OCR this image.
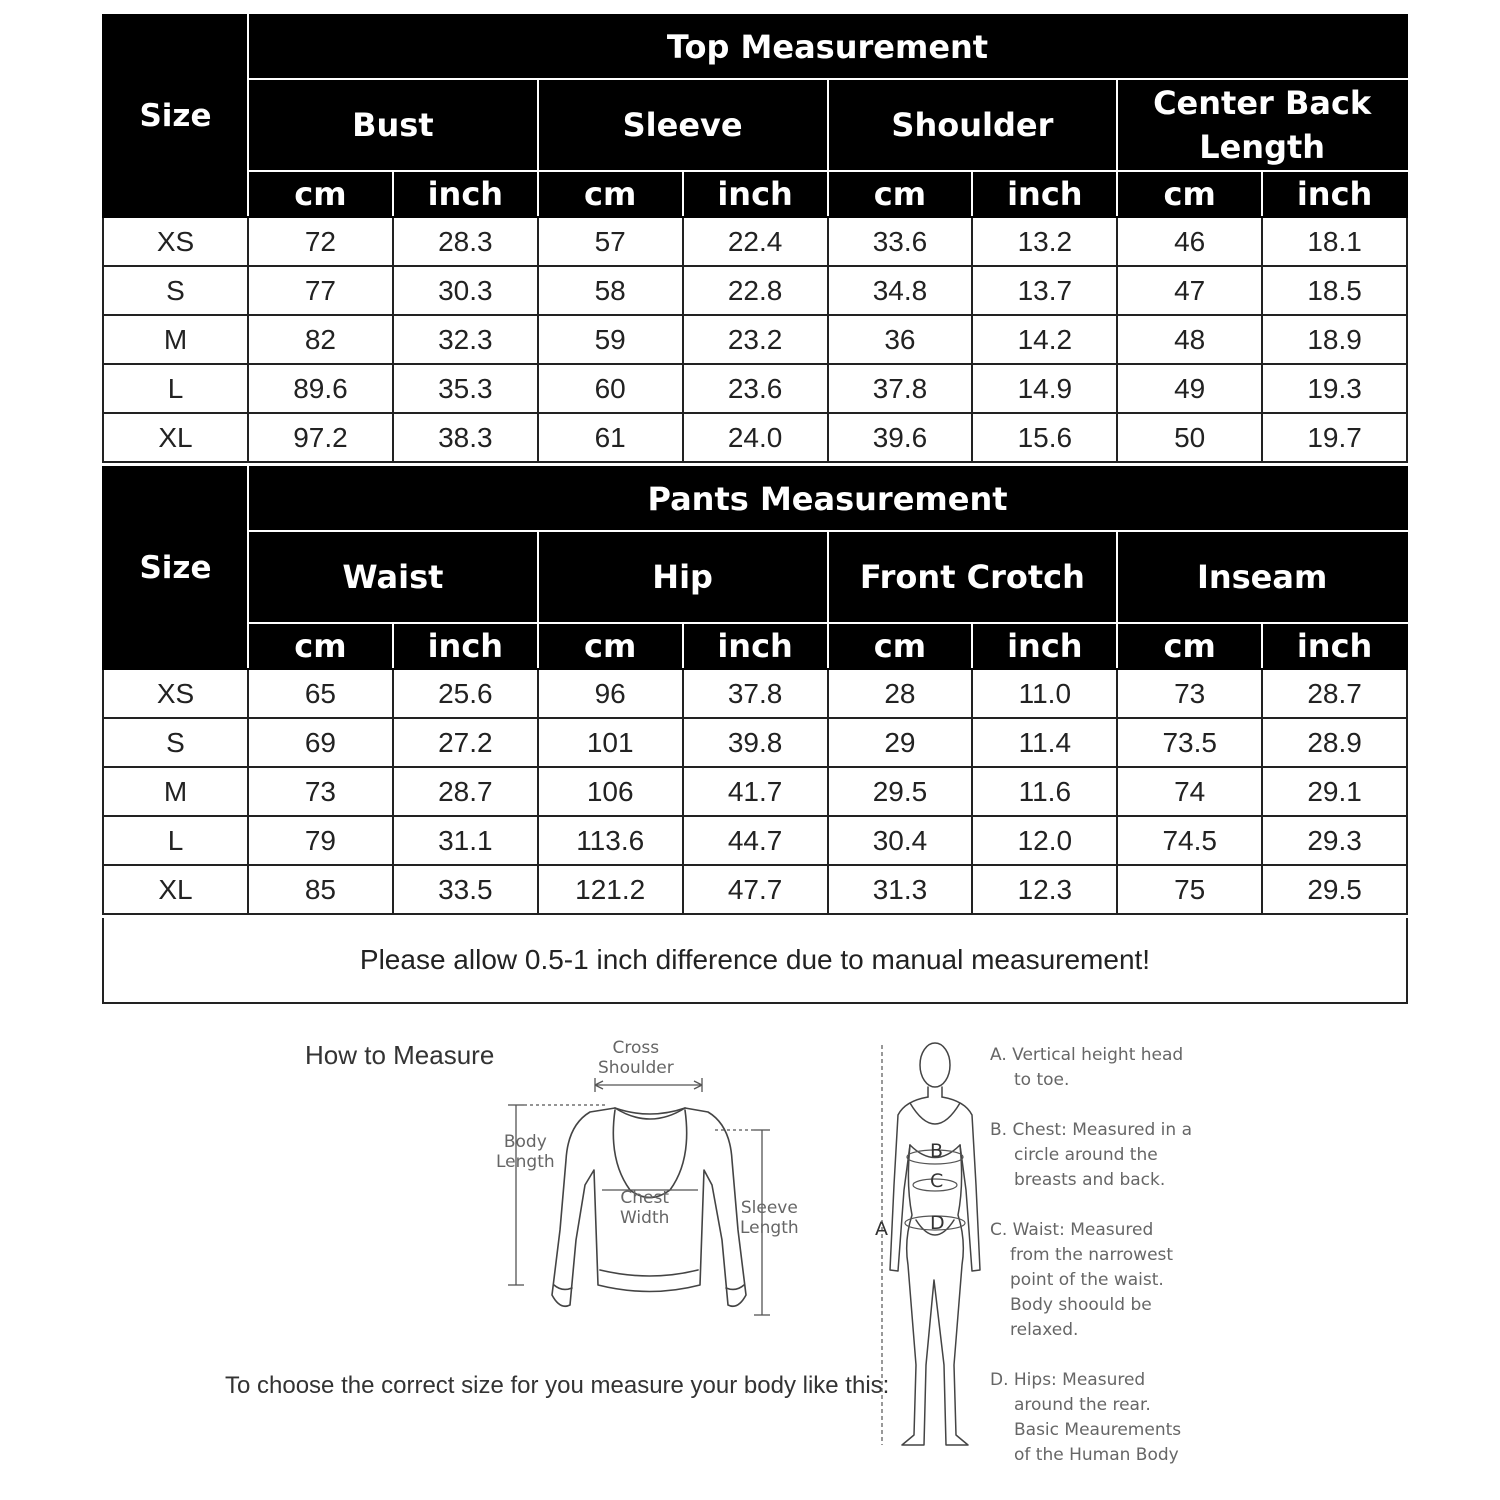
Size	Top Measurement							
	Bust		Sleeve		Shoulder		Center Back Length	
	cm	inch	cm	inch	cm	inch	cm	inch
XS	72	28.3	57	22.4	33.6	13.2	46	18.1
S	77	30.3	58	22.8	34.8	13.7	47	18.5
M	82	32.3	59	23.2	36	14.2	48	18.9
L	89.6	35.3	60	23.6	37.8	14.9	49	19.3
XL	97.2	38.3	61	24.0	39.6	15.6	50	19.7
Size	Pants Measurement							
	Waist		Hip		Front Crotch		Inseam	
	cm	inch	cm	inch	cm	inch	cm	inch
XS	65	25.6	96	37.8	28	11.0	73	28.7
S	69	27.2	101	39.8	29	11.4	73.5	28.9
M	73	28.7	106	41.7	29.5	11.6	74	29.1
L	79	31.1	113.6	44.7	30.4	12.0	74.5	29.3
XL	85	33.5	121.2	47.7	31.3	12.3	75	29.5
Please allow 0.5-1 inch difference due to manual measurement!
How to Measure	Cross
Shoulder
Body
Length
Chest
Width	Sleeve
Length
To choose the correct size for you measure your body like this:
A
B
C
D
A. Vertical height head
to toe.
B. Chest: Measured in a
circle around the
breasts and back.
C. Waist: Measured
from the narrowest
point of the waist.
Body shoould be
relaxed.
D. Hips: Measured
around the rear.
Basic Meaurements
of the Human Body
